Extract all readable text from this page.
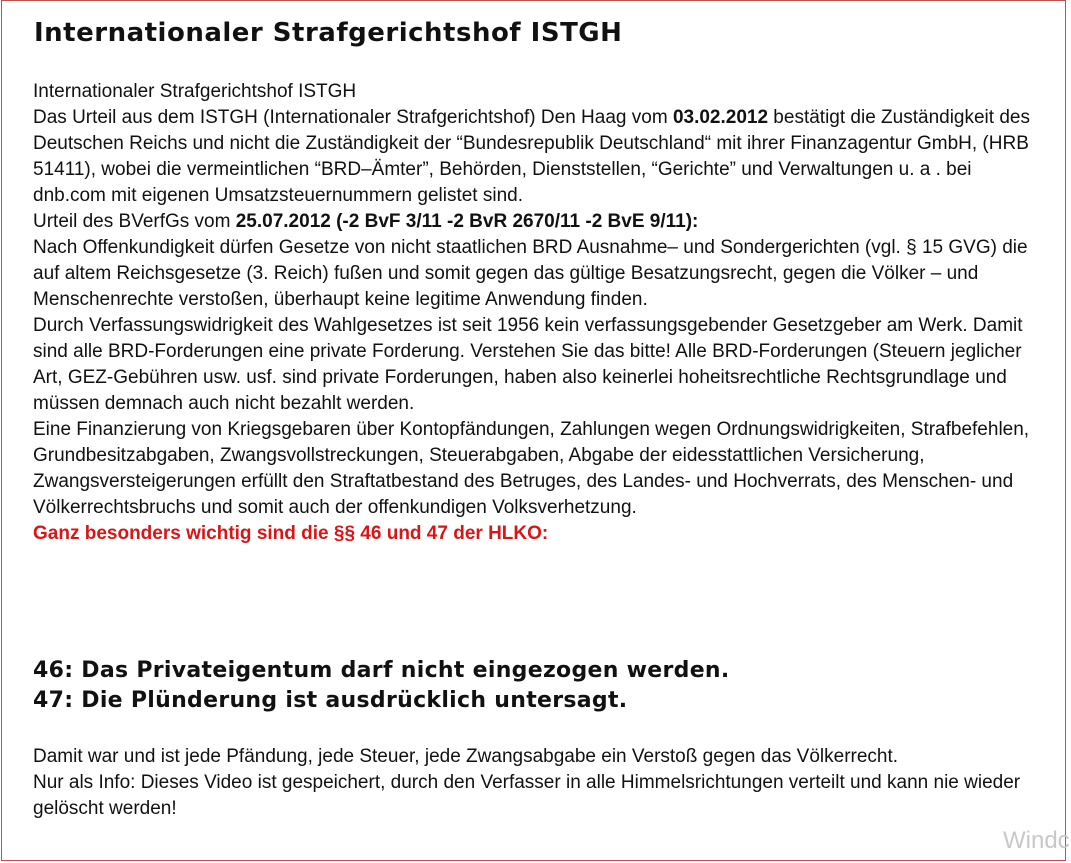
Internationaler Strafgerichtshof ISTGH

Internationaler Strafgerichtshof ISTGH

Das Urteil aus dem ISTGH (Internationaler Strafgerichtshof) Den Haag vom 03.02.2012 bestätigt die Zuständigkeit des Deutschen Reichs und nicht die Zuständigkeit der “Bundesrepublik Deutschland“ mit ihrer Finanzagentur GmbH, (HRB 51411), wobei die vermeintlichen “BRD–Ämter”, Behörden, Dienststellen, “Gerichte” und Verwaltungen u. a . bei dnb.com mit eigenen Umsatzsteuernummern gelistet sind.

Urteil des BVerfGs vom 25.07.2012 (-2 BvF 3/11 -2 BvR 2670/11 -2 BvE 9/11):

Nach Offenkundigkeit dürfen Gesetze von nicht staatlichen BRD Ausnahme– und Sondergerichten (vgl. § 15 GVG) die auf altem Reichsgesetze (3. Reich) fußen und somit gegen das gültige Besatzungsrecht, gegen die Völker – und Menschenrechte verstoßen, überhaupt keine legitime Anwendung finden.

Durch Verfassungswidrigkeit des Wahlgesetzes ist seit 1956 kein verfassungsgebender Gesetzgeber am Werk. Damit sind alle BRD-Forderungen eine private Forderung. Verstehen Sie das bitte! Alle BRD-Forderungen (Steuern jeglicher Art, GEZ-Gebühren usw. usf. sind private Forderungen, haben also keinerlei hoheitsrechtliche Rechtsgrundlage und müssen demnach auch nicht bezahlt werden.

Eine Finanzierung von Kriegsgebaren über Kontopfändungen, Zahlungen wegen Ordnungswidrigkeiten, Strafbefehlen, Grundbesitzabgaben, Zwangsvollstreckungen, Steuerabgaben, Abgabe der eidesstattlichen Versicherung, Zwangsversteigerungen erfüllt den Straftatbestand des Betruges, des Landes- und Hochverrats, des Menschen- und Völkerrechtsbruchs und somit auch der offenkundigen Volksverhetzung.

Ganz besonders wichtig sind die §§ 46 und 47 der HLKO:

46: Das Privateigentum darf nicht eingezogen werden.

47: Die Plünderung ist ausdrücklich untersagt.

Damit war und ist jede Pfändung, jede Steuer, jede Zwangsabgabe ein Verstoß gegen das Völkerrecht.

Nur als Info: Dieses Video ist gespeichert, durch den Verfasser in alle Himmelsrichtungen verteilt und kann nie wieder gelöscht werden!

Windc
